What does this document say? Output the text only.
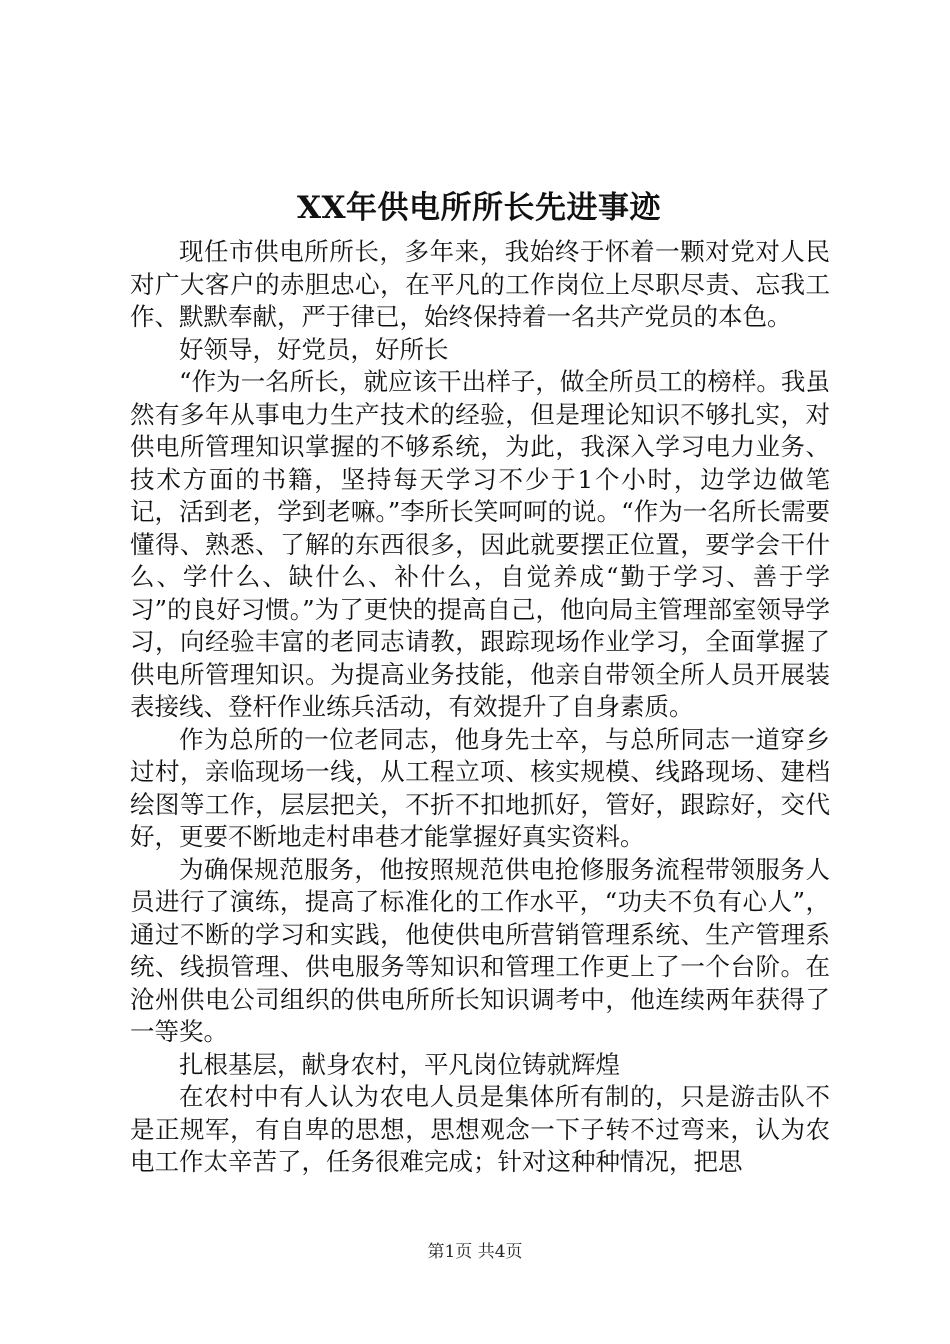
XX年供电所所长先进事迹

现任市供电所所长，多年来，我始终于怀着一颗对党对人民对广大客户的赤胆忠心，在平凡的工作岗位上尽职尽责、忘我工作、默默奉献，严于律已，始终保持着一名共产党员的本色。

好领导，好党员，好所长

“作为一名所长，就应该干出样子，做全所员工的榜样。我虽然有多年从事电力生产技术的经验，但是理论知识不够扎实，对供电所管理知识掌握的不够系统，为此，我深入学习电力业务、技术方面的书籍，坚持每天学习不少于1个小时，边学边做笔记，活到老，学到老嘛。”李所长笑呵呵的说。“作为一名所长需要懂得、熟悉、了解的东西很多，因此就要摆正位置，要学会干什么、学什么、缺什么、补什么，自觉养成“勤于学习、善于学习”的良好习惯。”为了更快的提高自己，他向局主管理部室领导学习，向经验丰富的老同志请教，跟踪现场作业学习，全面掌握了供电所管理知识。为提高业务技能，他亲自带领全所人员开展装表接线、登杆作业练兵活动，有效提升了自身素质。

作为总所的一位老同志，他身先士卒，与总所同志一道穿乡过村，亲临现场一线，从工程立项、核实规模、线路现场、建档绘图等工作，层层把关，不折不扣地抓好，管好，跟踪好，交代好，更要不断地走村串巷才能掌握好真实资料。

为确保规范服务，他按照规范供电抢修服务流程带领服务人员进行了演练，提高了标准化的工作水平，“功夫不负有心人”，通过不断的学习和实践，他使供电所营销管理系统、生产管理系统、线损管理、供电服务等知识和管理工作更上了一个台阶。在沧州供电公司组织的供电所所长知识调考中，他连续两年获得了一等奖。

扎根基层，献身农村，平凡岗位铸就辉煌

在农村中有人认为农电人员是集体所有制的，只是游击队不是正规军，有自卑的思想，思想观念一下子转不过弯来，认为农电工作太辛苦了，任务很难完成；针对这种种情况，把思

第1页 共4页
